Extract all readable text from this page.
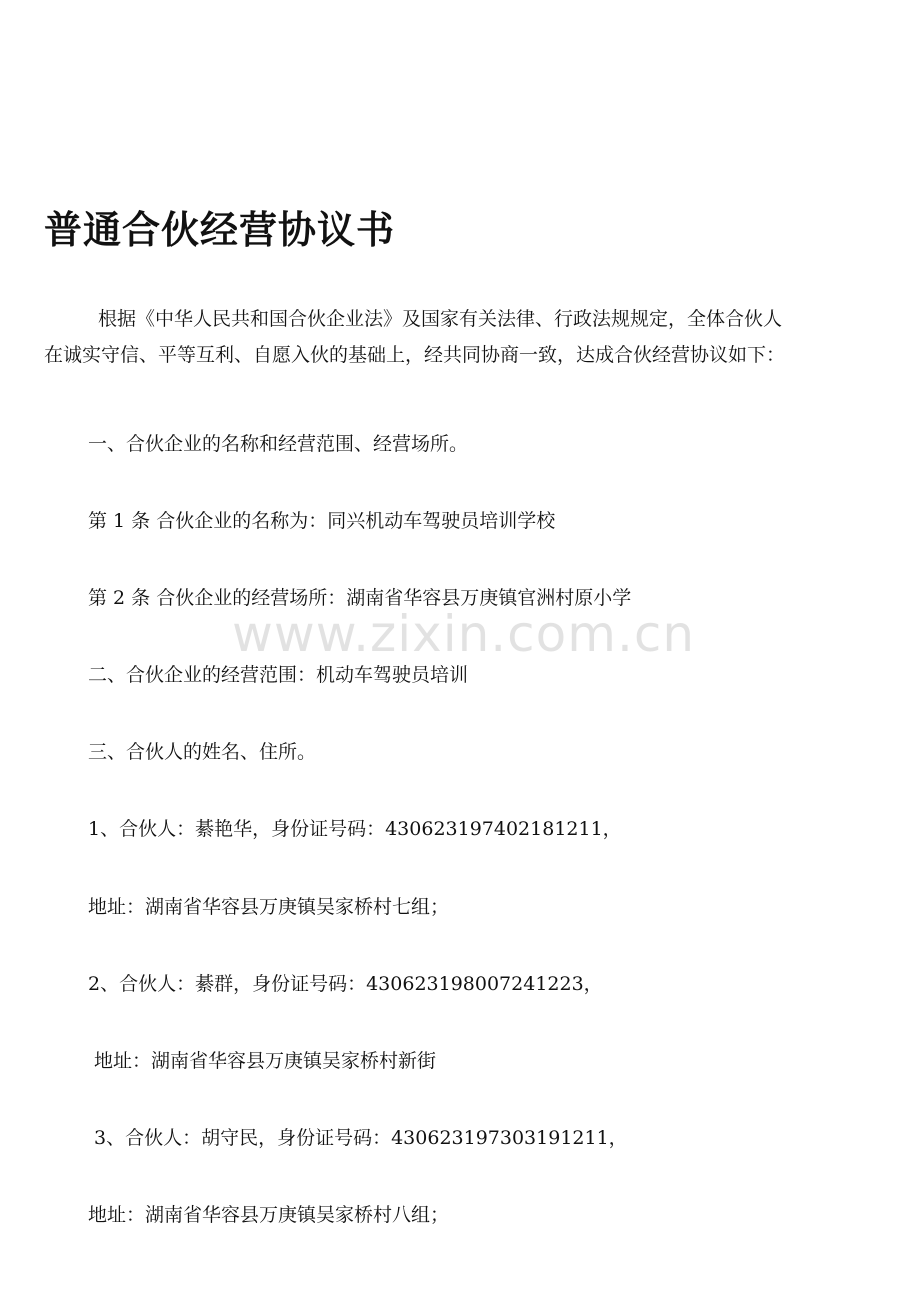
普通合伙经营协议书
根据《中华人民共和国合伙企业法》及国家有关法律、行政法规规定，全体合伙人
在诚实守信、平等互利、自愿入伙的基础上，经共同协商一致，达成合伙经营协议如下：
一、合伙企业的名称和经营范围、经营场所。
第 1 条 合伙企业的名称为：同兴机动车驾驶员培训学校
第 2 条 合伙企业的经营场所：湖南省华容县万庚镇官洲村原小学
二、合伙企业的经营范围：机动车驾驶员培训
三、合伙人的姓名、住所。
1、合伙人：綦艳华，身份证号码：430623197402181211，
地址：湖南省华容县万庚镇吴家桥村七组；
2、合伙人：綦群，身份证号码：430623198007241223，
地址：湖南省华容县万庚镇吴家桥村新街
3、合伙人：胡守民，身份证号码：430623197303191211，
地址：湖南省华容县万庚镇吴家桥村八组；
www.zixin.com.cn
